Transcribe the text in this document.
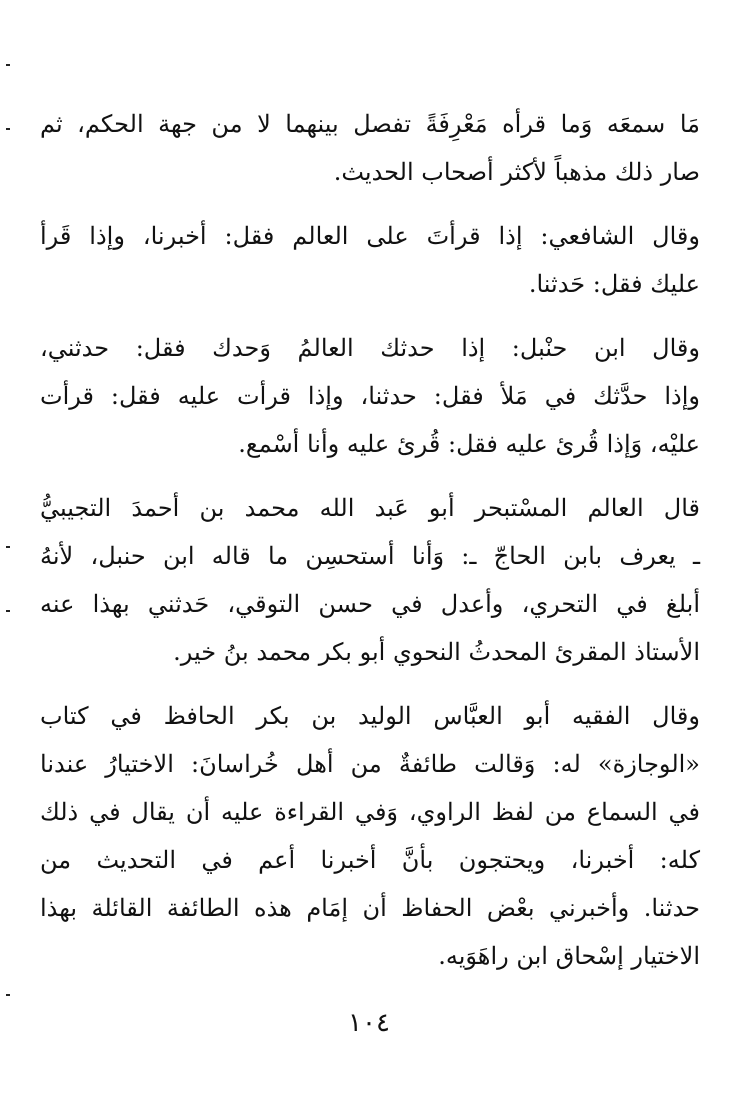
مَا سمعَه وَما قرأه مَعْرِفَةً تفصل بينهما لا من جهة الحكم، ثم
صار ذلك مذهباً لأكثر أصحاب الحديث.
وقال الشافعي: إذا قرأتَ على العالم فقل: أخبرنا، وإذا قَرأ
عليك فقل: حَدثنا.
وقال ابن حنْبل: إذا حدثك العالمُ وَحدك فقل: حدثني،
وإذا حدَّثك في مَلأ فقل: حدثنا، وإذا قرأت عليه فقل: قرأت
عليْه، وَإذا قُرئ عليه فقل: قُرئ عليه وأنا أسْمع.
قال العالم المسْتبحر أبو عَبد الله محمد بن أحمدَ التجيبيُّ
ـ يعرف بابن الحاجّ ـ: وَأنا أستحسِن ما قاله ابن حنبل، لأنهُ
أبلغ في التحري، وأعدل في حسن التوقي، حَدثني بهذا عنه
الأستاذ المقرئ المحدثُ النحوي أبو بكر محمد بنُ خير.
وقال الفقيه أبو العبَّاس الوليد بن بكر الحافظ في كتاب
«الوجازة» له: وَقالت طائفةٌ من أهل خُراسانَ: الاختيارُ عندنا
في السماع من لفظ الراوي، وَفي القراءة عليه أن يقال في ذلك
كله: أخبرنا، ويحتجون بأنَّ أخبرنا أعم في التحديث من
حدثنا. وأخبرني بعْض الحفاظ أن إمَام هذه الطائفة القائلة بهذا
الاختيار إسْحاق ابن راهَوَيه.
١٠٤
